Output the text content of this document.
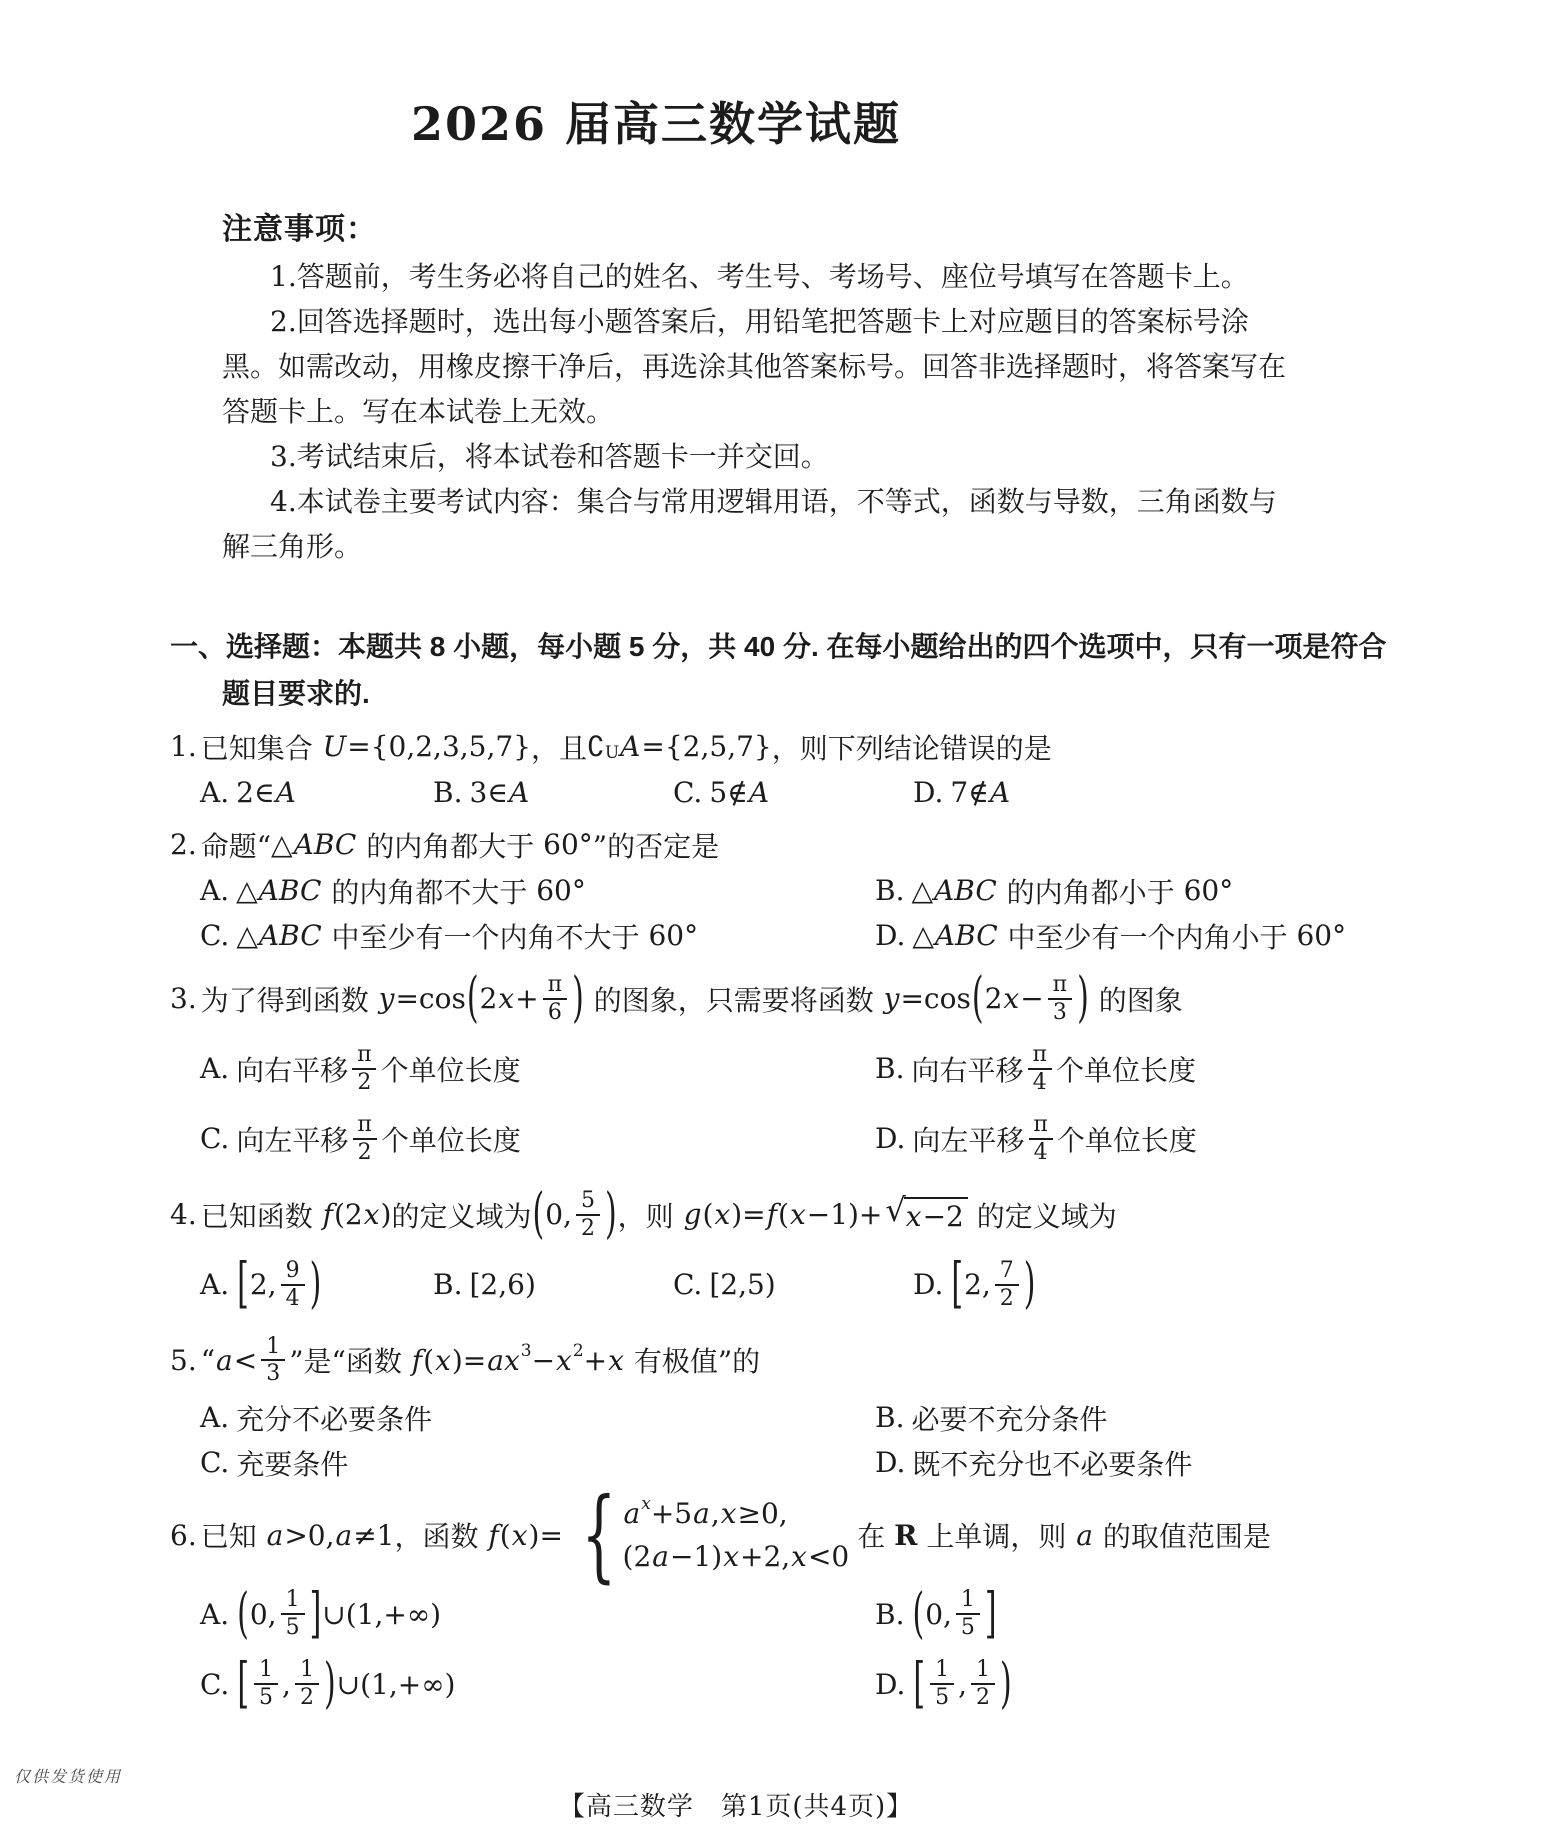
仅供发货使用
2026 届高三数学试题
注意事项：
1.答题前，考生务必将自己的姓名、考生号、考场号、座位号填写在答题卡上。
2.回答选择题时，选出每小题答案后，用铅笔把答题卡上对应题目的答案标号涂
黑。如需改动，用橡皮擦干净后，再选涂其他答案标号。回答非选择题时，将答案写在
答题卡上。写在本试卷上无效。
3.考试结束后，将本试卷和答题卡一并交回。
4.本试卷主要考试内容：集合与常用逻辑用语，不等式，函数与导数，三角函数与
解三角形。
一、选择题：本题共 8 小题，每小题 5 分，共 40 分. 在每小题给出的四个选项中，只有一项是符合
题目要求的.
1. 已知集合 U ={0,2,3,5,7} ，且 ∁ U A ={2,5,7} ，则下列结论错误的是
A. 2∈ A	B. 3∈ A	C. 5∉ A	D. 7∉ A
2. 命题“ △ ABC 的内角都大于 60° ”的否定是
A. △ ABC 的内角都不大于 60°	B. △ ABC 的内角都小于 60°
C. △ ABC 中至少有一个内角不大于 60°	D. △ ABC 中至少有一个内角小于 60°
3. 为了得到函数 y =cos ( 2 $x + \frac{\pi}{6}$ ) 的图象，只需要将函数 y =cos ( 2 $x - \frac{\pi}{3}$ ) 的图象
A. 向右平移 $\frac{\pi}{2}$ 个单位长度	B. 向右平移 $\frac{\pi}{4}$ 个单位长度
C. 向左平移 $\frac{\pi}{2}$ 个单位长度	D. 向左平移 $\frac{\pi}{4}$ 个单位长度
4. 已知函数 f (2 x ) 的定义域为 ( 0, $\frac{5}{2}$ ) ，则 g ( x )= f ( x −1)+ √ x −2 的定义域为
A. [ 2, $\frac{9}{4}$ )	B. [2,6)	C. [2,5)	D. [ 2, $\frac{7}{2}$ )
5. “ $a < \frac{1}{3}$ ”是“函数 f ( x )= ax 3 − x 2 + x 有极值”的
A. 充分不必要条件	B. 必要不充分条件
C. 充要条件	D. 既不充分也不必要条件
6. 已知 a >0, a ≠1 ，函数 f ( x )= { a x +5 a , x ≥0,
(2 a −1) x +2, x <0
在 R 上单调，则 a 的取值范围是
A. ( 0, $\frac{1}{5}$ ] ∪(1,+∞)	B. ( 0, $\frac{1}{5}$ ]
C. [ $\frac{1}{5}$ , $\frac{1}{2}$ ) ∪(1,+∞)	D. [ $\frac{1}{5}$ , $\frac{1}{2}$ )
【高三数学　第1页(共4页)】
